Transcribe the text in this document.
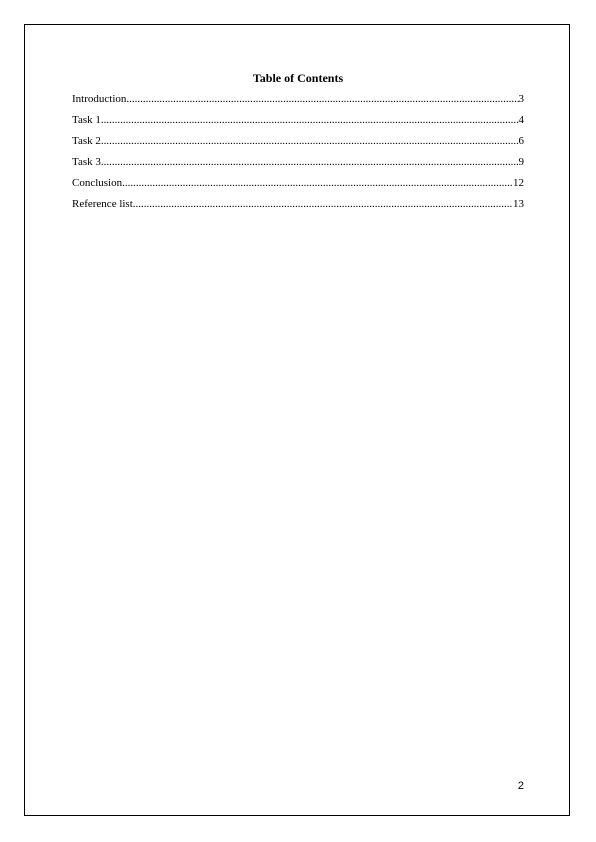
Table of Contents
Introduction .....	3
Task 1 .....	4
Task 2 .....	6
Task 3 .....	9
Conclusion .....	12
Reference list .....	13
2
